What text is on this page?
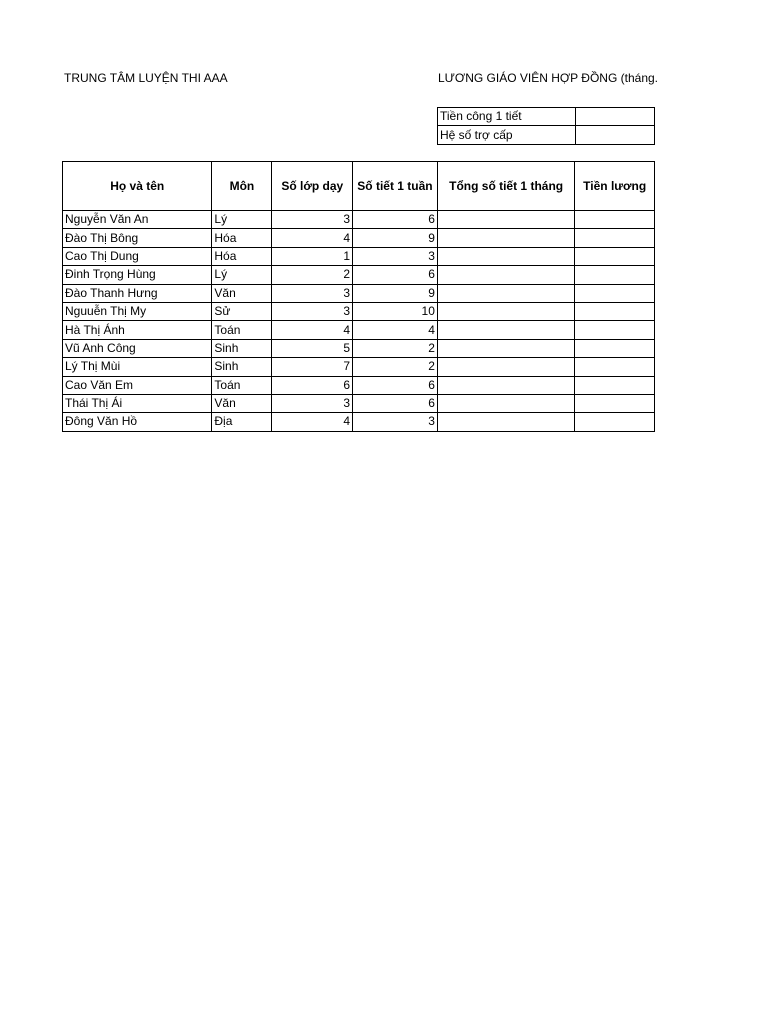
TRUNG TÂM LUYỆN THI AAA	LƯƠNG GIÁO VIÊN HỢP ĐỒNG (tháng.
Tiền công 1 tiết	
Hệ số trợ cấp	
Họ và tên	Môn	Số lớp dạy	Số tiết 1 tuần	Tổng số tiết 1 tháng	Tiền lương
Nguyễn Văn An	Lý	3	6		
Đào Thị Bông	Hóa	4	9		
Cao Thị Dung	Hóa	1	3		
Đinh Trọng Hùng	Lý	2	6		
Đào Thanh Hưng	Văn	3	9		
Nguuễn Thị My	Sử	3	10		
Hà Thị Ánh	Toán	4	4		
Vũ Anh Công	Sinh	5	2		
Lý Thị Mùi	Sinh	7	2		
Cao Văn Em	Toán	6	6		
Thái Thị Ái	Văn	3	6		
Đông Văn Hồ	Địa	4	3		
